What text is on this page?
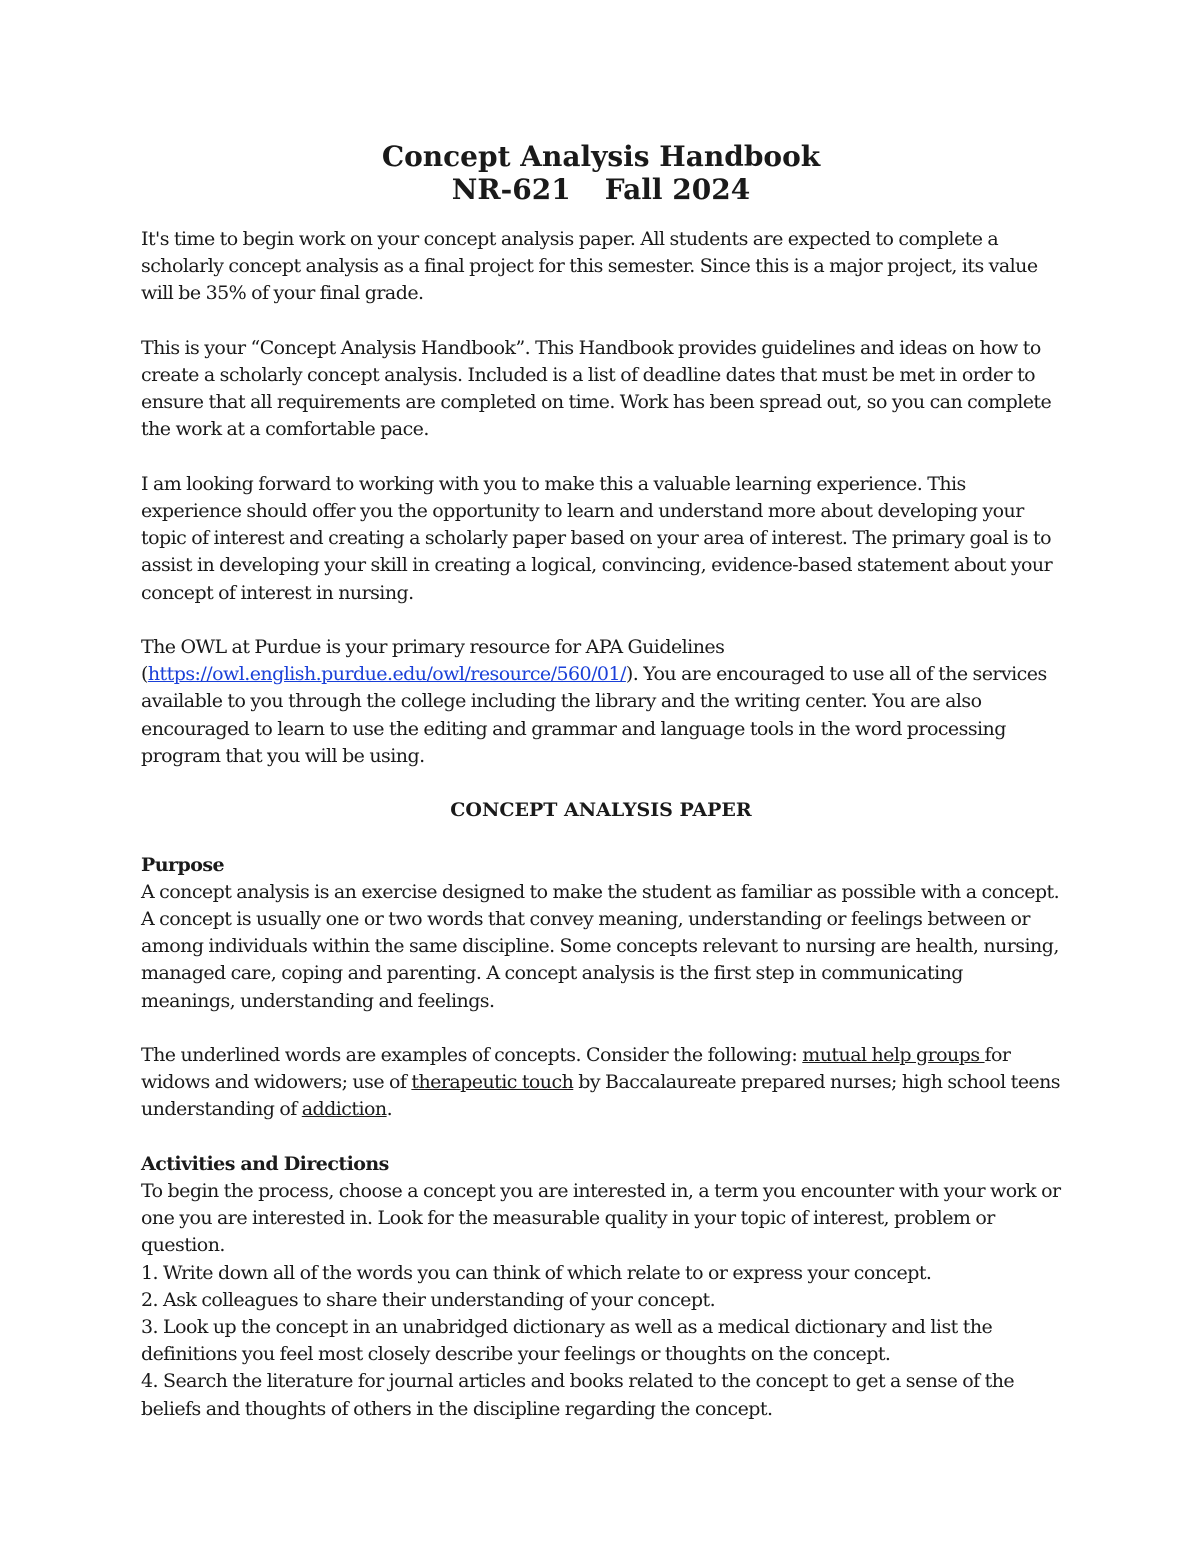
Concept Analysis Handbook

NR-621 Fall 2024

It's time to begin work on your concept analysis paper. All students are expected to complete a scholarly concept analysis as a final project for this semester. Since this is a major project, its value will be 35% of your final grade.

This is your “Concept Analysis Handbook”. This Handbook provides guidelines and ideas on how to create a scholarly concept analysis. Included is a list of deadline dates that must be met in order to ensure that all requirements are completed on time. Work has been spread out, so you can complete the work at a comfortable pace.

I am looking forward to working with you to make this a valuable learning experience. This experience should offer you the opportunity to learn and understand more about developing your topic of interest and creating a scholarly paper based on your area of interest. The primary goal is to assist in developing your skill in creating a logical, convincing, evidence-based statement about your concept of interest in nursing.

The OWL at Purdue is your primary resource for APA Guidelines (https://owl.english.purdue.edu/owl/resource/560/01/). You are encouraged to use all of the services available to you through the college including the library and the writing center. You are also encouraged to learn to use the editing and grammar and language tools in the word processing program that you will be using.

CONCEPT ANALYSIS PAPER

Purpose
A concept analysis is an exercise designed to make the student as familiar as possible with a concept. A concept is usually one or two words that convey meaning, understanding or feelings between or among individuals within the same discipline. Some concepts relevant to nursing are health, nursing, managed care, coping and parenting. A concept analysis is the first step in communicating meanings, understanding and feelings.

The underlined words are examples of concepts. Consider the following: mutual help groups for widows and widowers; use of therapeutic touch by Baccalaureate prepared nurses; high school teens understanding of addiction.

Activities and Directions
To begin the process, choose a concept you are interested in, a term you encounter with your work or one you are interested in. Look for the measurable quality in your topic of interest, problem or question.
1. Write down all of the words you can think of which relate to or express your concept.
2. Ask colleagues to share their understanding of your concept.
3. Look up the concept in an unabridged dictionary as well as a medical dictionary and list the definitions you feel most closely describe your feelings or thoughts on the concept.
4. Search the literature for journal articles and books related to the concept to get a sense of the beliefs and thoughts of others in the discipline regarding the concept.
